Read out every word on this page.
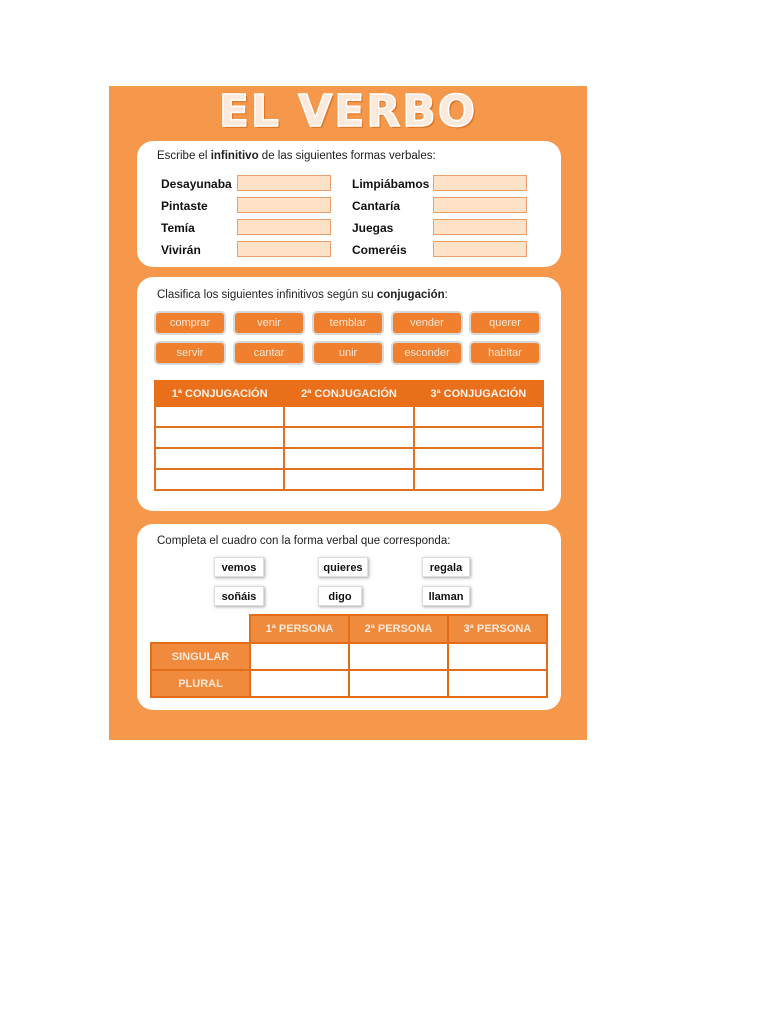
EL VERBO
Escribe el infinitivo de las siguientes formas verbales:
Desayunaba
Pintaste
Temía
Vivirán
Limpiábamos
Cantaría
Juegas
Comeréis
Clasifica los siguientes infinitivos según su conjugación:
comprar	venir	temblar	vender	querer
servir	cantar	unir	esconder	habitar
1ª CONJUGACIÓN	2ª CONJUGACIÓN	3ª CONJUGACIÓN

Completa el cuadro con la forma verbal que corresponda:
vemos	quieres	regala
soñáis	digo	llaman
	1ª PERSONA	2ª PERSONA	3ª PERSONA
SINGULAR			
PLURAL			
